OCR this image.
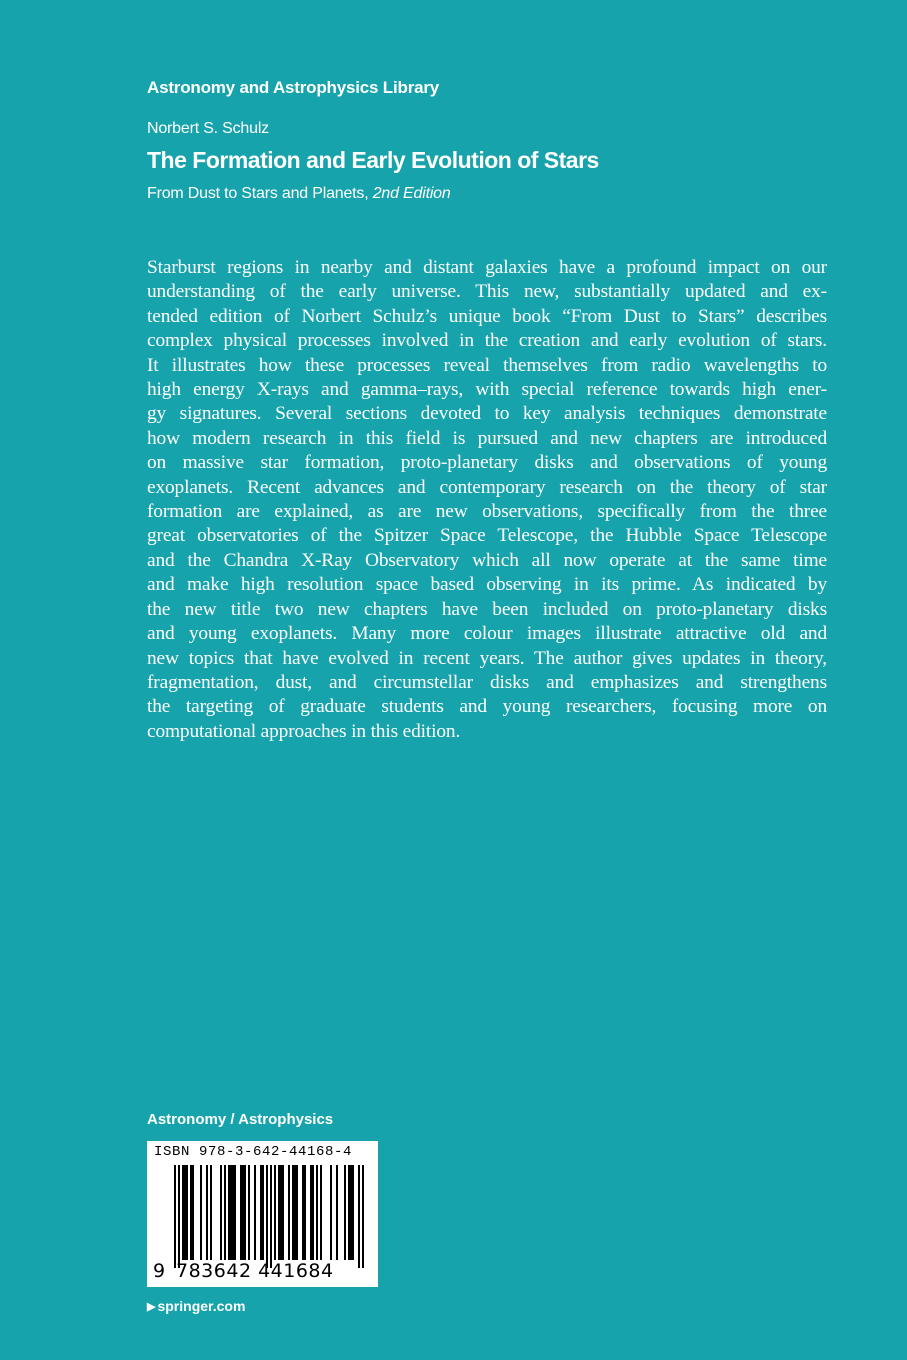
Astronomy and Astrophysics Library
Norbert S. Schulz
The Formation and Early Evolution of Stars
From Dust to Stars and Planets, 2nd Edition
Starburst regions in nearby and distant galaxies have a profound impact on our
understanding of the early universe. This new, substantially updated and ex-
tended edition of Norbert Schulz’s unique book “From Dust to Stars” describes
complex physical processes involved in the creation and early evolution of stars.
It illustrates how these processes reveal themselves from radio wavelengths to
high energy X-rays and gamma–rays, with special reference towards high ener-
gy signatures. Several sections devoted to key analysis techniques demonstrate
how modern research in this field is pursued and new chapters are introduced
on massive star formation, proto-planetary disks and observations of young
exoplanets. Recent advances and contemporary research on the theory of star
formation are explained, as are new observations, specifically from the three
great observatories of the Spitzer Space Telescope, the Hubble Space Telescope
and the Chandra X-Ray Observatory which all now operate at the same time
and make high resolution space based observing in its prime. As indicated by
the new title two new chapters have been included on proto-planetary disks
and young exoplanets. Many more colour images illustrate attractive old and
new topics that have evolved in recent years. The author gives updates in theory,
fragmentation, dust, and circumstellar disks and emphasizes and strengthens
the targeting of graduate students and young researchers, focusing more on
computational approaches in this edition.
Astronomy / Astrophysics
ISBN 978-3-642-44168-4
9 783642 441684
▶ springer.com
